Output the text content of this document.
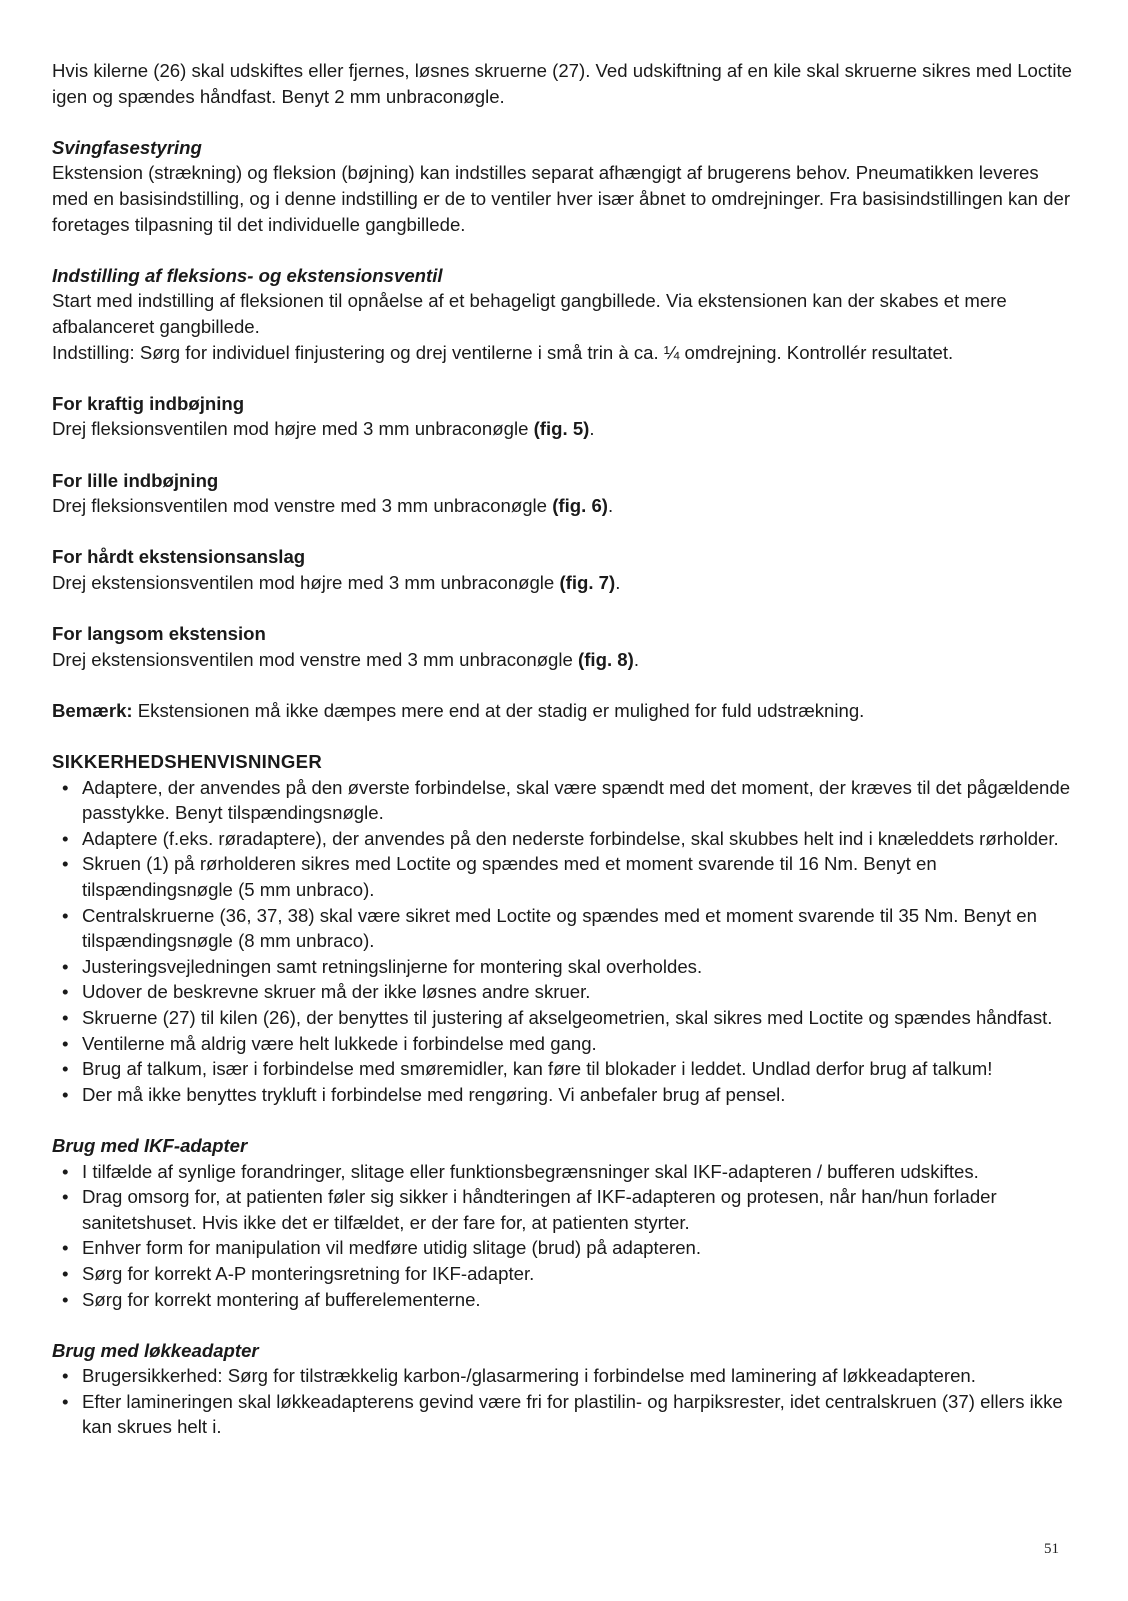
Hvis kilerne (26) skal udskiftes eller fjernes, løsnes skruerne (27). Ved udskiftning af en kile skal skruerne sikres med Loctite igen og spændes håndfast. Benyt 2 mm unbraconøgle.

Svingfasestyring

Ekstension (strækning) og fleksion (bøjning) kan indstilles separat afhængigt af brugerens behov. Pneumatikken leveres med en basisindstilling, og i denne indstilling er de to ventiler hver især åbnet to omdrejninger. Fra basisindstillingen kan der foretages tilpasning til det individuelle gangbillede.

Indstilling af fleksions- og ekstensionsventil

Start med indstilling af fleksionen til opnåelse af et behageligt gangbillede. Via ekstensionen kan der skabes et mere afbalanceret gangbillede.

Indstilling: Sørg for individuel finjustering og drej ventilerne i små trin à ca. ¼ omdrejning. Kontrollér resultatet.

For kraftig indbøjning

Drej fleksionsventilen mod højre med 3 mm unbraconøgle (fig. 5).

For lille indbøjning

Drej fleksionsventilen mod venstre med 3 mm unbraconøgle (fig. 6).

For hårdt ekstensionsanslag

Drej ekstensionsventilen mod højre med 3 mm unbraconøgle (fig. 7).

For langsom ekstension

Drej ekstensionsventilen mod venstre med 3 mm unbraconøgle (fig. 8).

Bemærk: Ekstensionen må ikke dæmpes mere end at der stadig er mulighed for fuld udstrækning.

SIKKERHEDSHENVISNINGER

• Adaptere, der anvendes på den øverste forbindelse, skal være spændt med det moment, der kræves til det pågældende passtykke. Benyt tilspændingsnøgle.
• Adaptere (f.eks. røradaptere), der anvendes på den nederste forbindelse, skal skubbes helt ind i knæleddets rørholder.
• Skruen (1) på rørholderen sikres med Loctite og spændes med et moment svarende til 16 Nm. Benyt en tilspændingsnøgle (5 mm unbraco).
• Centralskruerne (36, 37, 38) skal være sikret med Loctite og spændes med et moment svarende til 35 Nm. Benyt en tilspændingsnøgle (8 mm unbraco).
• Justeringsvejledningen samt retningslinjerne for montering skal overholdes.
• Udover de beskrevne skruer må der ikke løsnes andre skruer.
• Skruerne (27) til kilen (26), der benyttes til justering af akselgeometrien, skal sikres med Loctite og spændes håndfast.
• Ventilerne må aldrig være helt lukkede i forbindelse med gang.
• Brug af talkum, især i forbindelse med smøremidler, kan føre til blokader i leddet. Undlad derfor brug af talkum!
• Der må ikke benyttes trykluft i forbindelse med rengøring. Vi anbefaler brug af pensel.

Brug med IKF-adapter

• I tilfælde af synlige forandringer, slitage eller funktionsbegrænsninger skal IKF-adapteren / bufferen udskiftes.
• Drag omsorg for, at patienten føler sig sikker i håndteringen af IKF-adapteren og protesen, når han/hun forlader sanitetshuset. Hvis ikke det er tilfældet, er der fare for, at patienten styrter.
• Enhver form for manipulation vil medføre utidig slitage (brud) på adapteren.
• Sørg for korrekt A-P monteringsretning for IKF-adapter.
• Sørg for korrekt montering af bufferelementerne.

Brug med løkkeadapter

• Brugersikkerhed: Sørg for tilstrækkelig karbon-/glasarmering i forbindelse med laminering af løkkeadapteren.
• Efter lamineringen skal løkkeadapterens gevind være fri for plastilin- og harpiksrester, idet centralskruen (37) ellers ikke kan skrues helt i.
51
